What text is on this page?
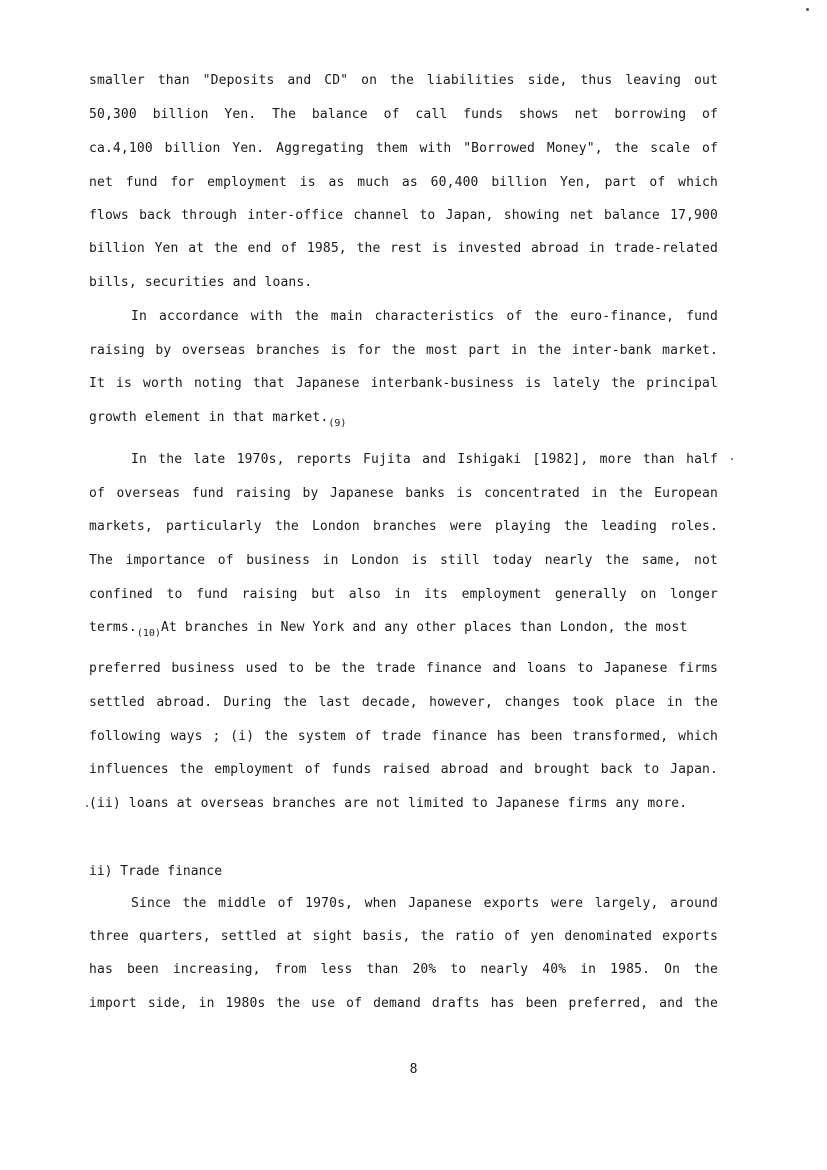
smaller than "Deposits and CD" on the liabilities side, thus leaving out
50,300 billion Yen. The balance of call funds shows net borrowing of
ca.4,100 billion Yen. Aggregating them with "Borrowed Money", the scale of
net fund for employment is as much as 60,400 billion Yen, part of which
flows back through inter-office channel to Japan, showing net balance 17,900
billion Yen at the end of 1985, the rest is invested abroad in trade-related
bills, securities and loans.
In accordance with the main characteristics of the euro-finance, fund
raising by overseas branches is for the most part in the inter-bank market.
It is worth noting that Japanese interbank-business is lately the principal
growth element in that $market._{(9)}$
In the late 1970s, reports Fujita and Ishigaki [1982], more than half
of overseas fund raising by Japanese banks is concentrated in the European
markets, particularly the London branches were playing the leading roles.
The importance of business in London is still today nearly the same, not
confined to fund raising but also in its employment generally on longer
$terms._{(10)}At$ branches in New York and any other places than London, the most
preferred business used to be the trade finance and loans to Japanese firms
settled abroad. During the last decade, however, changes took place in the
following ways ; (i) the system of trade finance has been transformed, which
influences the employment of funds raised abroad and brought back to Japan.
(ii) loans at overseas branches are not limited to Japanese firms any more.
ii) Trade finance
Since the middle of 1970s, when Japanese exports were largely, around
three quarters, settled at sight basis, the ratio of yen denominated exports
has been increasing, from less than 20% to nearly 40% in 1985. On the
import side, in 1980s the use of demand drafts has been preferred, and the
8
